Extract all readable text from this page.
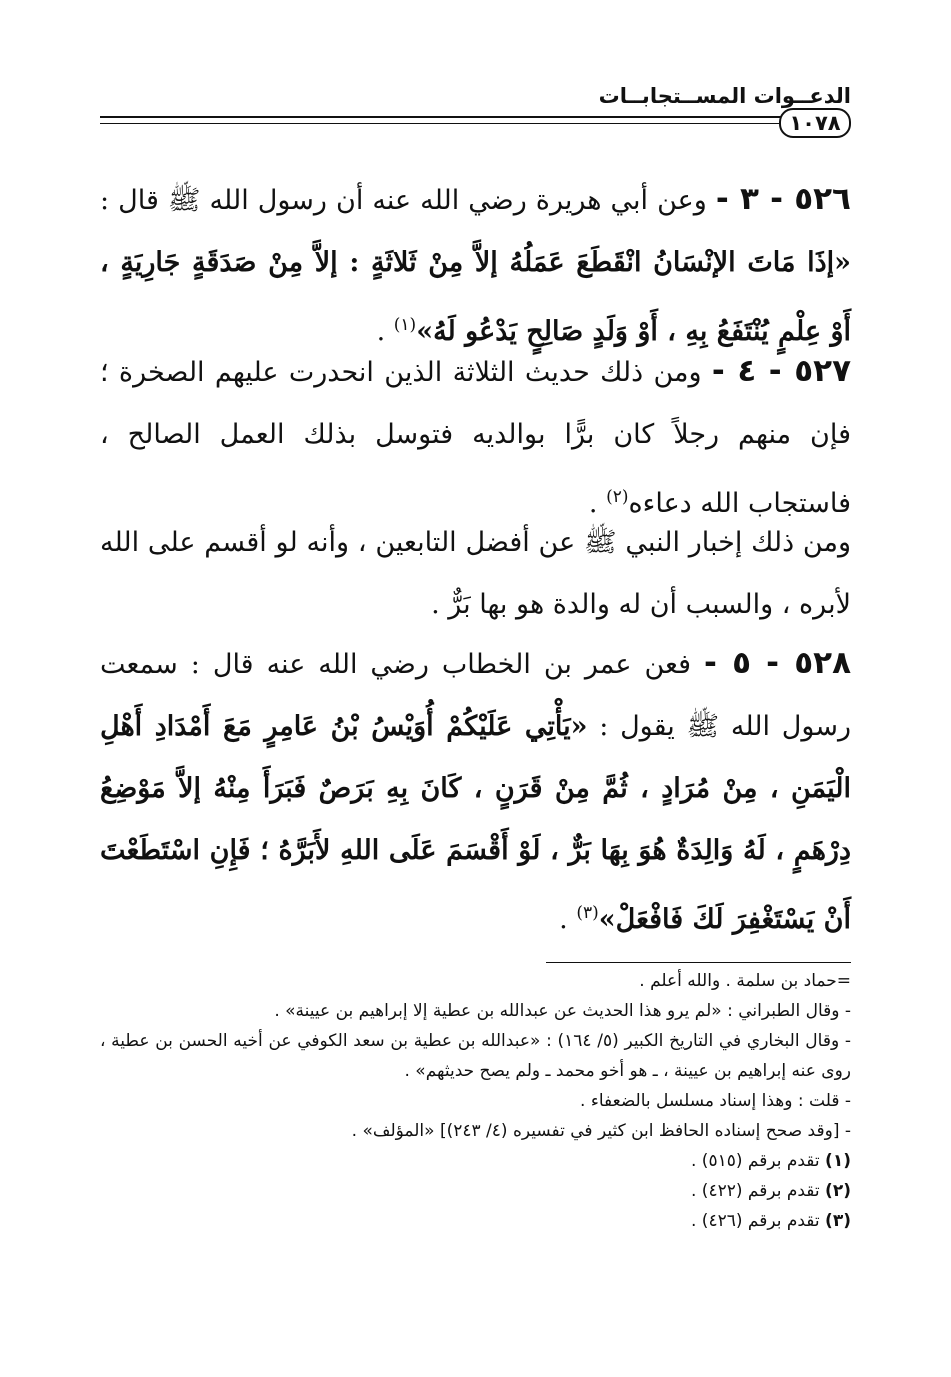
الدعــوات المســتجابــات
١٠٧٨
٥٢٦ - ٣ - وعن أبي هريرة رضي الله عنه أن رسول الله ﷺ قال : «إذَا مَاتَ الإنْسَانُ انْقَطَعَ عَمَلُهُ إلاَّ مِنْ ثَلاثَةٍ : إلاَّ مِنْ صَدَقَةٍ جَارِيَةٍ ، أَوْ عِلْمٍ يُنْتَفَعُ بِهِ ، أَوْ وَلَدٍ صَالِحٍ يَدْعُو لَهُ»$^{(١)}$ .
٥٢٧ - ٤ - ومن ذلك حديث الثلاثة الذين انحدرت عليهم الصخرة ؛ فإن منهم رجلاً كان برًّا بوالديه فتوسل بذلك العمل الصالح ، فاستجاب الله دعاءه$^{(٢)}$ .
ومن ذلك إخبار النبي ﷺ عن أفضل التابعين ، وأنه لو أقسم على الله لأبره ، والسبب أن له والدة هو بها بَرٌّ .
٥٢٨ - ٥ - فعن عمر بن الخطاب رضي الله عنه قال : سمعت رسول الله ﷺ يقول : «يَأْتِي عَلَيْكُمْ أُوَيْسُ بْنُ عَامِرٍ مَعَ أَمْدَادِ أَهْلِ الْيَمَنِ ، مِنْ مُرَادٍ ، ثُمَّ مِنْ قَرَنٍ ، كَانَ بِهِ بَرَصٌ فَبَرَأَ مِنْهُ إلاَّ مَوْضِعُ دِرْهَمٍ ، لَهُ وَالِدَةٌ هُوَ بِهَا بَرٌّ ، لَوْ أَقْسَمَ عَلَى اللهِ لأَبَرَّهُ ؛ فَإِنِ اسْتَطَعْتَ أَنْ يَسْتَغْفِرَ لَكَ فَافْعَلْ»$^{(٣)}$ .

=حماد بن سلمة . والله أعلم .

- وقال الطبراني : «لم يرو هذا الحديث عن عبدالله بن عطية إلا إبراهيم بن عيينة» .

- وقال البخاري في التاريخ الكبير (٥/ ١٦٤) : «عبدالله بن عطية بن سعد الكوفي عن أخيه الحسن بن عطية ، روى عنه إبراهيم بن عيينة ، ـ هو أخو محمد ـ ولم يصح حديثهم» .

- قلت : وهذا إسناد مسلسل بالضعفاء .

- [وقد صحح إسناده الحافظ ابن كثير في تفسيره (٤/ ٢٤٣)] «المؤلف» .

(١) تقدم برقم (٥١٥) .

(٢) تقدم برقم (٤٢٢) .

(٣) تقدم برقم (٤٢٦) .
